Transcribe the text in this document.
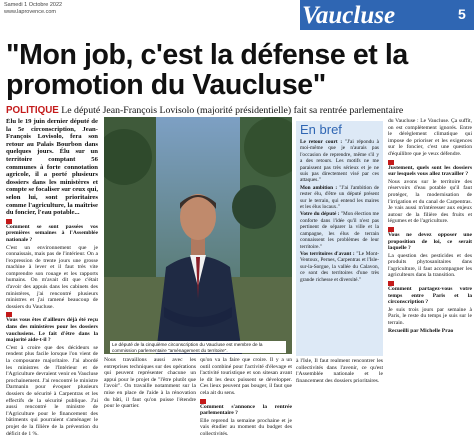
Samedi 1 Octobre 2022
www.laprovence.com	Vaucluse	5
"Mon job, c'est la défense et la promotion du Vaucluse"
POLITIQUE Le député Jean-François Lovisolo (majorité présidentielle) fait sa rentrée parlementaire
Élu le 19 juin dernier député de la 5e circonscription, Jean-François Lovisolo, fera son retour au Palais Bourbon dans quelques jours. Élu sur un territoire comptant 56 communes à forte connotation agricole, il a porté plusieurs dossiers dans les ministères et compte se focaliser sur ceux qui, selon lui, sont prioritaires comme l'agriculture, la maîtrise du foncier, l'eau potable...

Comment se sont passées vos premières semaines à l'Assemblée nationale ?

C'est un environnement que je connaissais, mais pas de l'intérieur. On a l'expression de trente jours une grosse machine à lever et il faut très vite comprendre son rouage et les rapports humains. On m'avait dit que c'était d'avoir des appuis dans les cabinets des ministères, j'ai rencontré plusieurs ministres et j'ai ramené beaucoup de dossiers du Vaucluse.

Vous vous êtes d'ailleurs déjà été reçu dans des ministères pour les dossiers vauclusiens. Le fait d'être dans la majorité aide-t-il ?

C'est à croire que des décideurs se rendent plus facile lorsque l'on vient de la composante majoritaire. J'ai abordé les ministres de l'Intérieur et de l'Agriculture devraient venir en Vaucluse prochainement. J'ai rencontré le ministre Darmanin pour évoquer plusieurs dossiers de sécurité à Carpentras et les effectifs de la sécurité publique. J'ai aussi rencontré le ministre de l'Agriculture pour le financement des bâtiments qui pourraient s'aménager le projet de la filière de la prévention du déficit de 1 %.

Le député de la cinquième circonscription du Vaucluse est membre de la commission parlementaire "aménagement du territoire".

Nous travaillons aussi avec les entreprises techniques sur des opérations qui peuvent représenter chacune un appui pour le projet de "l'être plutôt que l'avoir". On travaille notamment sur la mise en place de l'aide à la rénovation du bâti, il faut qu'on puisse l'étendre pour le quartier.

qu'on va la faire que croire. Il y a un outil combiné pour l'activité d'élevage et l'activité touristique et son sitesan avant le dit les deux puissent se développer. Ces lieux peuvent pas bouger, il faut que cela ait du sens.

Comment s'annonce la rentrée parlementaire ?

Elle reprend la semaine prochaine et je vais étudier au moment du budget des collectivités.

En bref

Le retour court : "J'ai répondu à moi-même que je n'aurais pas l'occasion de reprendre, même s'il y a des retours. Les motifs ne me paraissent pas très sérieux et je ne suis pas directement visé par ces attaques."

Mon ambition : "J'ai l'ambition de rester élu, d'être un député présent sur le terrain, qui entend les maires et les élus locaux."

Votre du député : "Mon élection me conforte dans l'idée qu'il n'est pas pertinent de séparer la ville et la campagne, les élus de terrain connaissent les problèmes de leur territoire."

Vos territoires d'avant : "Le Mont-Ventoux, Pernes, Carpentras et l'Isle-sur-la-Sorgue, la vallée du Calavon, ce sont des territoires d'une très grande richesse et diversité."

à l'Isle, Il faut realment rencontrer les collectivités dans l'avenir, ce qu'est l'Assemblée nationale et le financement des dossiers prioritaires.

du Vaucluse : Le Vaucluse. Ça suffit, on est complètement ignorés. Entre le dérèglement climatique qui impose de prioriser et les exigences sur le foncier, c'est une question d'équilibre que je veux défendre.

Justement, quels sont les dossiers sur lesquels vous allez travailler ?

Nous avons sur le territoire des réservoirs d'eau potable qu'il faut protéger, la modernisation de l'irrigation et du canal de Carpentras. Je vais aussi m'intéresser aux enjeux autour de la filière des fruits et légumes et de l'agriculture.

Vous ne devez opposer une proposition de loi, ce serait laquelle ?

La question des pesticides et des produits phytosanitaires dans l'agriculture, il faut accompagner les agriculteurs dans la transition.

Comment partagez-vous votre temps entre Paris et la circonscription ?

Je suis trois jours par semaine à Paris, le reste du temps je suis sur le terrain.

Recueilli par Michelle Prao
